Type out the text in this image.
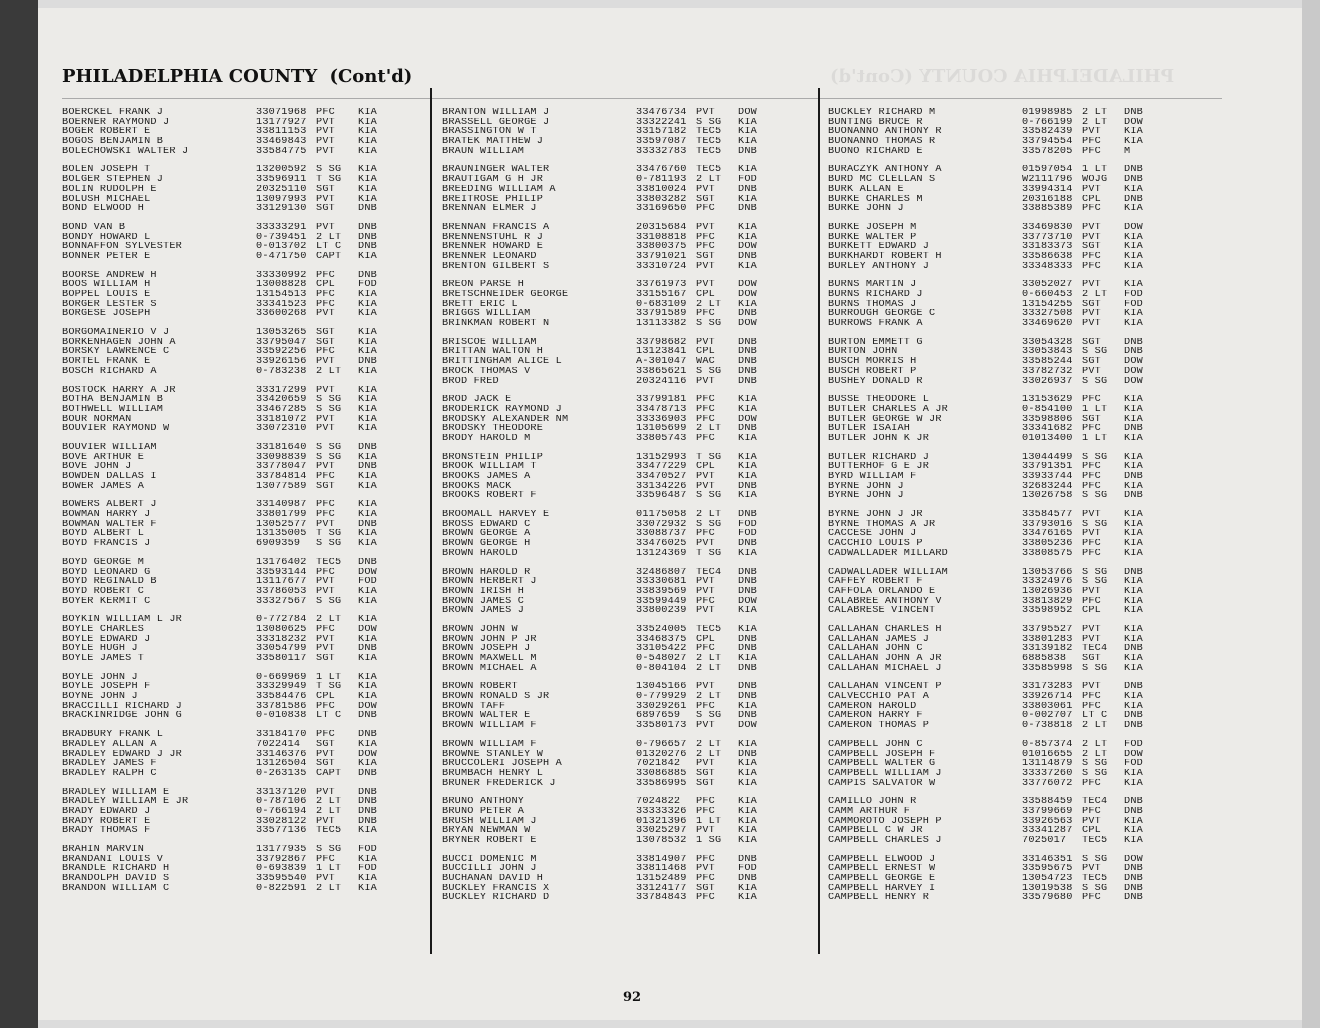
PHILADELPHIA COUNTY (Cont'd)	PHILADELPHIA COUNTY (Cont'd)
BOERCKEL FRANK J	33071968 PFC KIA
BOERNER RAYMOND J	13177927 PVT KIA
BOGER ROBERT E	33811153 PVT KIA
BOGOS BENJAMIN B	33469843 PVT KIA
BOLECHOWSKI WALTER J	33584775 PVT KIA
BOLEN JOSEPH T	13200592 S SG KIA
BOLGER STEPHEN J	33596911 T SG KIA
BOLIN RUDOLPH E	20325110 SGT KIA
BOLUSH MICHAEL	13097993 PVT KIA
BOND ELWOOD H	33129130 SGT DNB
BOND VAN B	33333291 PVT DNB
BONDY HOWARD L	0-739451 2 LT DNB
BONNAFFON SYLVESTER	0-013702 LT C DNB
BONNER PETER E	0-471750 CAPT KIA
BOORSE ANDREW H	33330992 PFC DNB
BOOS WILLIAM H	13008828 CPL FOD
BOPPEL LOUIS E	13154513 PFC KIA
BORGER LESTER S	33341523 PFC KIA
BORGESE JOSEPH	33600268 PVT KIA
BORGOMAINERIO V J	13053265 SGT KIA
BORKENHAGEN JOHN A	33795047 SGT KIA
BORSKY LAWRENCE C	33592256 PFC KIA
BORTEL FRANK E	33926156 PVT DNB
BOSCH RICHARD A	0-783238 2 LT KIA
BOSTOCK HARRY A JR	33317299 PVT KIA
BOTHA BENJAMIN B	33420659 S SG KIA
BOTHWELL WILLIAM	33467285 S SG KIA
BOUR NORMAN	33181072 PVT KIA
BOUVIER RAYMOND W	33072310 PVT KIA
BOUVIER WILLIAM	33181640 S SG DNB
BOVE ARTHUR E	33098839 S SG KIA
BOVE JOHN J	33778047 PVT DNB
BOWDEN DALLAS I	33784814 PFC KIA
BOWER JAMES A	13077589 SGT KIA
BOWERS ALBERT J	33140987 PFC KIA
BOWMAN HARRY J	33801799 PFC KIA
BOWMAN WALTER F	13052577 PVT DNB
BOYD ALBERT L	13135005 T SG KIA
BOYD FRANCIS J	6909359 S SG KIA
BOYD GEORGE M	13176402 TEC5 DNB
BOYD LEONARD G	33593144 PFC DOW
BOYD REGINALD B	13117677 PVT FOD
BOYD ROBERT C	33786053 PVT KIA
BOYER KERMIT C	33327567 S SG KIA
BOYKIN WILLIAM L JR	0-772784 2 LT KIA
BOYLE CHARLES	13080625 PFC DOW
BOYLE EDWARD J	33318232 PVT KIA
BOYLE HUGH J	33054799 PVT DNB
BOYLE JAMES T	33580117 SGT KIA
BOYLE JOHN J	0-669969 1 LT KIA
BOYLE JOSEPH F	33329949 T SG KIA
BOYNE JOHN J	33584476 CPL KIA
BRACCILLI RICHARD J	33781586 PFC DOW
BRACKINRIDGE JOHN G	0-010838 LT C DNB
BRADBURY FRANK L	33184170 PFC DNB
BRADLEY ALLAN A	7022414 SGT KIA
BRADLEY EDWARD J JR	33146376 PVT DOW
BRADLEY JAMES F	13126504 SGT KIA
BRADLEY RALPH C	0-263135 CAPT DNB
BRADLEY WILLIAM E	33137120 PVT DNB
BRADLEY WILLIAM E JR	0-787106 2 LT DNB
BRADY EDWARD J	0-766194 2 LT DNB
BRADY ROBERT E	33028122 PVT DNB
BRADY THOMAS F	33577136 TEC5 KIA
BRAHIN MARVIN	13177935 S SG FOD
BRANDANI LOUIS V	33792867 PFC KIA
BRANDLE RICHARD H	0-693839 1 LT FOD
BRANDOLPH DAVID S	33595540 PVT KIA
BRANDON WILLIAM C	0-822591 2 LT KIA
BRANTON WILLIAM J	33476734 PVT DOW
BRASSELL GEORGE J	33322241 S SG KIA
BRASSINGTON W T	33157182 TEC5 KIA
BRATEK MATTHEW J	33597087 TEC5 KIA
BRAUN WILLIAM	33332783 TEC5 DNB
BRAUNINGER WALTER	33476760 TEC5 KIA
BRAUTIGAM G H JR	0-781193 2 LT FOD
BREEDING WILLIAM A	33810024 PVT DNB
BREITROSE PHILIP	33803282 SGT KIA
BRENNAN ELMER J	33169650 PFC DNB
BRENNAN FRANCIS A	20315684 PVT KIA
BRENNENSTUHL R J	33108818 PFC KIA
BRENNER HOWARD E	33800375 PFC DOW
BRENNER LEONARD	33791021 SGT DNB
BRENTON GILBERT S	33310724 PVT KIA
BREON PARSE H	33761973 PVT DOW
BRETSCHNEIDER GEORGE	33155167 CPL DOW
BRETT ERIC L	0-683109 2 LT KIA
BRIGGS WILLIAM	33791589 PFC DNB
BRINKMAN ROBERT N	13113382 S SG DOW
BRISCOE WILLIAM	33798682 PVT DNB
BRITTAN WALTON H	13123841 CPL DNB
BRITTINGHAM ALICE L	A-301047 WAC DNB
BROCK THOMAS V	33865621 S SG DNB
BROD FRED	20324116 PVT DNB
BROD JACK E	33799181 PFC KIA
BRODERICK RAYMOND J	33478713 PFC KIA
BRODSKY ALEXANDER NM	33336903 PFC DOW
BRODSKY THEODORE	13105699 2 LT DNB
BRODY HAROLD M	33805743 PFC KIA
BRONSTEIN PHILIP	13152993 T SG KIA
BROOK WILLIAM T	33477229 CPL KIA
BROOKS JAMES A	33470527 PVT KIA
BROOKS MACK	33134226 PVT DNB
BROOKS ROBERT F	33596487 S SG KIA
BROOMALL HARVEY E	01175058 2 LT DNB
BROSS EDWARD C	33072932 S SG FOD
BROWN GEORGE A	33088737 PFC FOD
BROWN GEORGE H	33476025 PVT DNB
BROWN HAROLD	13124369 T SG KIA
BROWN HAROLD R	32486807 TEC4 DNB
BROWN HERBERT J	33330681 PVT DNB
BROWN IRISH H	33839569 PVT DNB
BROWN JAMES C	33599449 PFC DOW
BROWN JAMES J	33800239 PVT KIA
BROWN JOHN W	33524005 TEC5 KIA
BROWN JOHN P JR	33468375 CPL DNB
BROWN JOSEPH J	33105422 PFC DNB
BROWN MAXWELL M	0-548027 2 LT KIA
BROWN MICHAEL A	0-804104 2 LT DNB
BROWN ROBERT	13045166 PVT DNB
BROWN RONALD S JR	0-779929 2 LT DNB
BROWN TAFF	33029261 PFC KIA
BROWN WALTER E	6897659 S SG DNB
BROWN WILLIAM F	33580173 PVT DOW
BROWN WILLIAM F	0-796657 2 LT KIA
BROWNE STANLEY W	01320276 2 LT DNB
BRUCCOLERI JOSEPH A	7021842 PVT KIA
BRUMBACH HENRY L	33086885 SGT KIA
BRUNER FREDERICK J	33586995 SGT KIA
BRUNO ANTHONY	7024822 PFC KIA
BRUNO PETER A	33333326 PFC KIA
BRUSH WILLIAM J	01321396 1 LT KIA
BRYAN NEWMAN W	33025297 PVT KIA
BRYNER ROBERT E	13078532 1 SG KIA
BUCCI DOMENIC M	33814907 PFC DNB
BUCCILLI JOHN J	33811468 PVT FOD
BUCHANAN DAVID H	13152489 PFC DNB
BUCKLEY FRANCIS X	33124177 SGT KIA
BUCKLEY RICHARD D	33784843 PFC KIA
BUCKLEY RICHARD M	01998985 2 LT DNB
BUNTING BRUCE R	0-766199 2 LT DOW
BUONANNO ANTHONY R	33582439 PVT KIA
BUONANNO THOMAS R	33794554 PFC KIA
BUONO RICHARD E	33578205 PFC M
BURACZYK ANTHONY A	01597054 1 LT DNB
BURD MC CLELLAN S	W2111796 WOJG DNB
BURK ALLAN E	33994314 PVT KIA
BURKE CHARLES M	20316188 CPL DNB
BURKE JOHN J	33885389 PFC KIA
BURKE JOSEPH M	33469830 PVT DOW
BURKE WALTER P	33773710 PVT KIA
BURKETT EDWARD J	33183373 SGT KIA
BURKHARDT ROBERT H	33586638 PFC KIA
BURLEY ANTHONY J	33348333 PFC KIA
BURNS MARTIN J	33052027 PVT KIA
BURNS RICHARD J	0-660453 2 LT FOD
BURNS THOMAS J	13154255 SGT FOD
BURROUGH GEORGE C	33327508 PVT KIA
BURROWS FRANK A	33469620 PVT KIA
BURTON EMMETT G	33054328 SGT DNB
BURTON JOHN	33053843 S SG DNB
BUSCH MORRIS H	33585244 SGT DOW
BUSCH ROBERT P	33782732 PVT DOW
BUSHEY DONALD R	33026937 S SG DOW
BUSSE THEODORE L	13153629 PFC KIA
BUTLER CHARLES A JR	0-854100 1 LT KIA
BUTLER GEORGE W JR	33598806 SGT KIA
BUTLER ISAIAH	33341682 PFC DNB
BUTLER JOHN K JR	01013400 1 LT KIA
BUTLER RICHARD J	13044499 S SG KIA
BUTTERHOF G E JR	33791351 PFC KIA
BYRD WILLIAM F	33933744 PFC DNB
BYRNE JOHN J	32683244 PFC KIA
BYRNE JOHN J	13026758 S SG DNB
BYRNE JOHN J JR	33584577 PVT KIA
BYRNE THOMAS A JR	33793016 S SG KIA
CACCESE JOHN J	33476165 PVT KIA
CACCHIO LOUIS P	33805236 PFC KIA
CADWALLADER MILLARD	33808575 PFC KIA
CADWALLADER WILLIAM	13053766 S SG DNB
CAFFEY ROBERT F	33324976 S SG KIA
CAFFOLA ORLANDO E	13026936 PVT KIA
CALABREE ANTHONY V	33813829 PFC KIA
CALABRESE VINCENT	33598952 CPL KIA
CALLAHAN CHARLES H	33795527 PVT KIA
CALLAHAN JAMES J	33801283 PVT KIA
CALLAHAN JOHN C	33139182 TEC4 DNB
CALLAHAN JOHN A JR	6885838 SGT KIA
CALLAHAN MICHAEL J	33585998 S SG KIA
CALLAHAN VINCENT P	33173283 PVT DNB
CALVECCHIO PAT A	33926714 PFC KIA
CAMERON HAROLD	33803061 PFC KIA
CAMERON HARRY F	0-002707 LT C DNB
CAMERON THOMAS P	0-738818 2 LT DNB
CAMPBELL JOHN C	0-857374 2 LT FOD
CAMPBELL JOSEPH F	01016655 2 LT DOW
CAMPBELL WALTER G	13114879 S SG FOD
CAMPBELL WILLIAM J	33337260 S SG KIA
CAMPIS SALVATOR W	33776072 PFC KIA
CAMILLO JOHN R	33588459 TEC4 DNB
CAMM ARTHUR F	33799669 PFC DNB
CAMMOROTO JOSEPH P	33926563 PVT KIA
CAMPBELL C W JR	33341287 CPL KIA
CAMPBELL CHARLES J	7025017 TEC5 KIA
CAMPBELL ELWOOD J	33146351 S SG DOW
CAMPBELL ERNEST W	33595675 PVT DNB
CAMPBELL GEORGE E	13054723 TEC5 DNB
CAMPBELL HARVEY I	13019538 S SG DNB
CAMPBELL HENRY R	33579680 PFC DNB
92
